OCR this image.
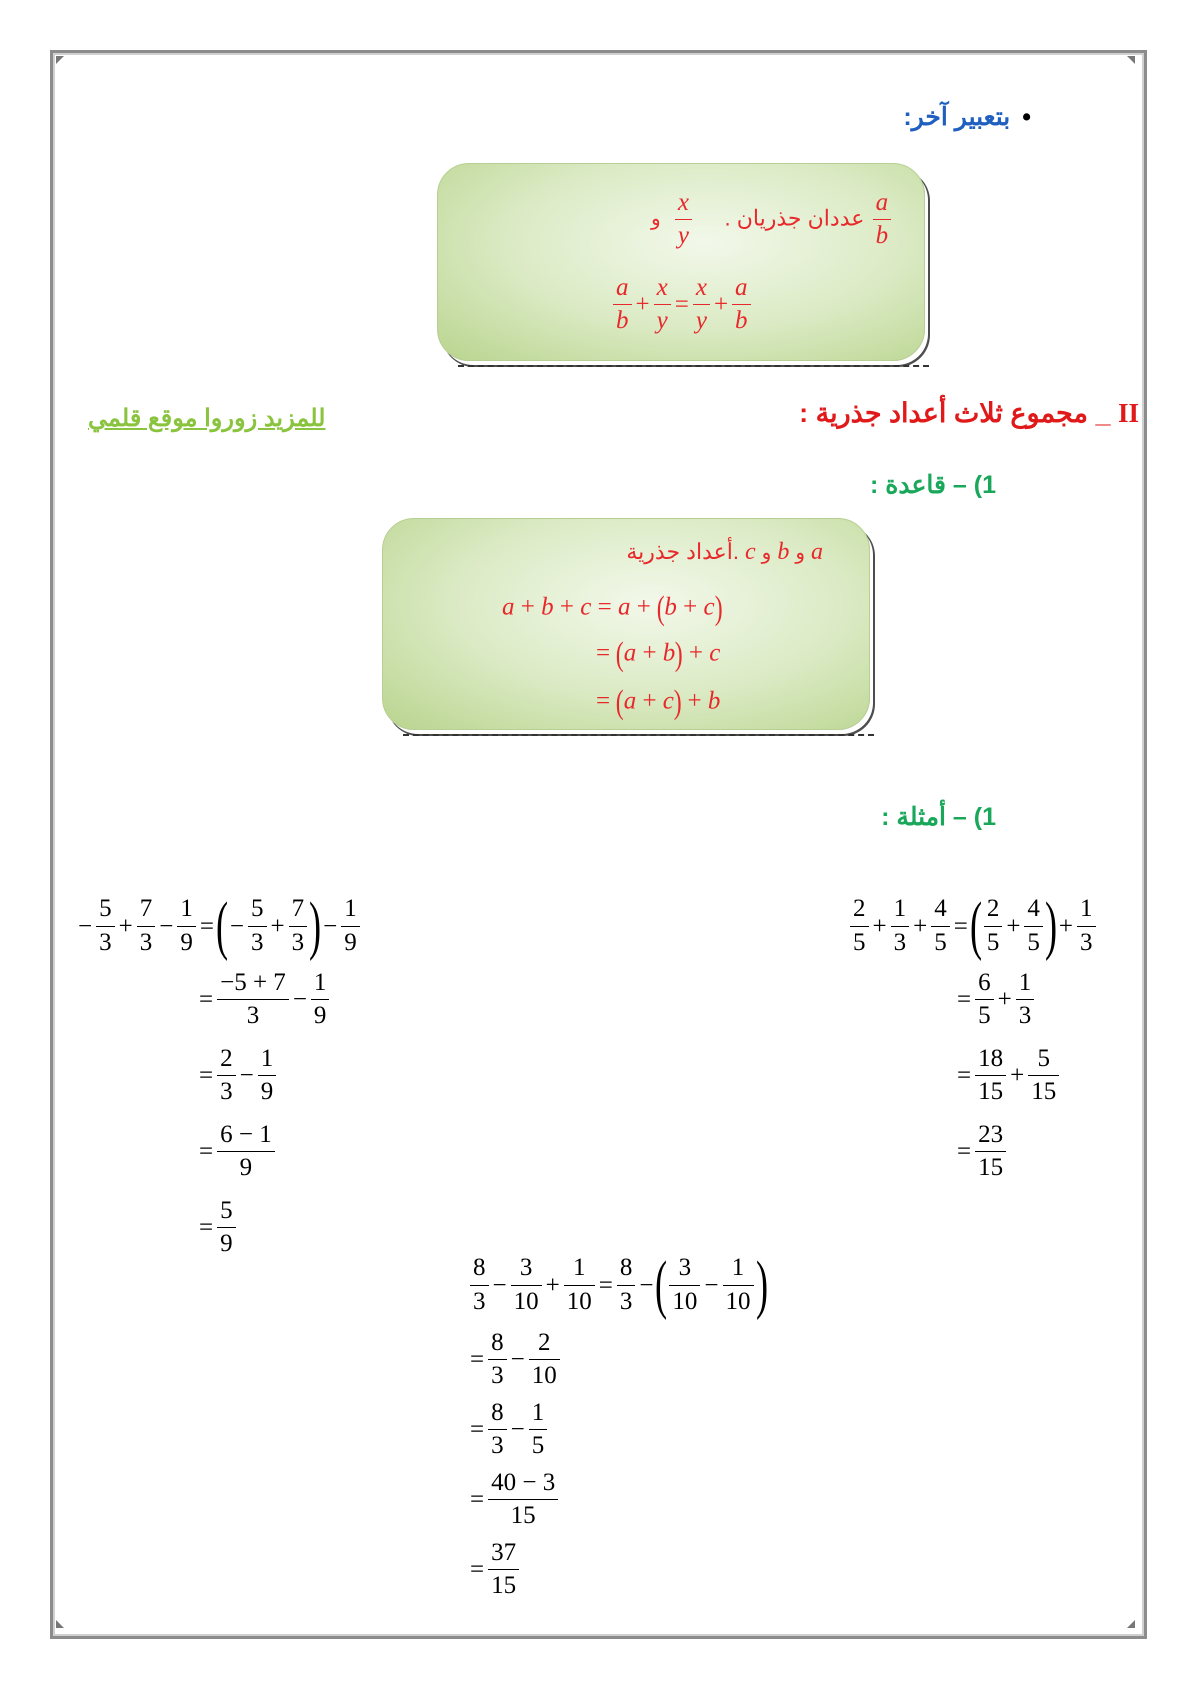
•بتعبير آخر:
عددان جذريان .
$\frac{x}{y}$
و	$\frac{a}{b}$
$\frac{a}{b} + \frac{x}{y} = \frac{x}{y} + \frac{a}{b}$
II _ مجموع ثلاث أعداد جذرية :
للمزيد زوروا موقع قلمي
1) – قاعدة :
أعداد جذرية. c و b و a
a + b + c = a + (b + c)
= (a + b) + c
= (a + c) + b
1) – أمثلة :
$\frac{2}{5} + \frac{1}{3} + \frac{4}{5}$ =( $\frac{2}{5} + \frac{4}{5}$ )+ $\frac{1}{3}$
= $\frac{6}{5} + \frac{1}{3}$
= $\frac{18}{15} + \frac{5}{15}$
= $\frac{23}{15}$
− $\frac{5}{3} + \frac{7}{3} - \frac{1}{9}$ =(− $\frac{5}{3} + \frac{7}{3}$ )− $\frac{1}{9}$
= $\frac{-5 + 7}{3} - \frac{1}{9}$
= $\frac{2}{3} - \frac{1}{9}$
= $\frac{6 - 1}{9}$
= $\frac{5}{9}$
$\frac{8}{3} - \frac{3}{10} + \frac{1}{10} = \frac{8}{3}$ −( $\frac{3}{10} - \frac{1}{10}$ )
= $\frac{8}{3} - \frac{2}{10}$
= $\frac{8}{3} - \frac{1}{5}$
= $\frac{40 - 3}{15}$
= $\frac{37}{15}$
